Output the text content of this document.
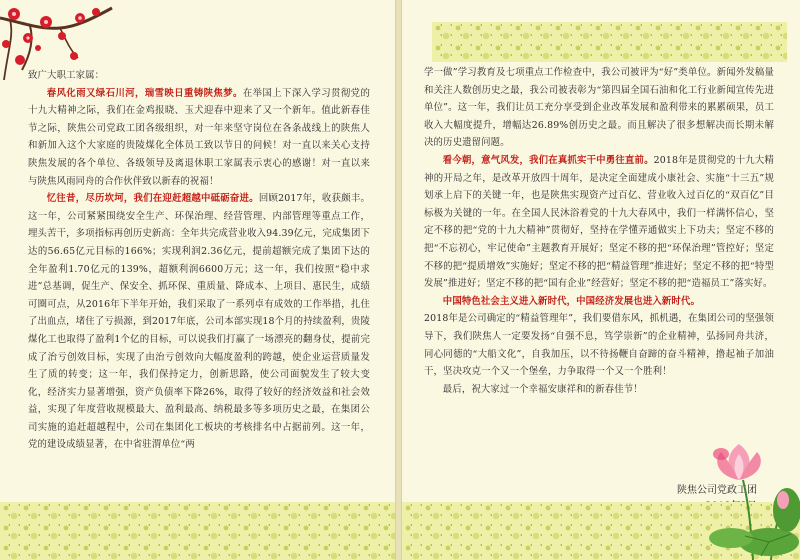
致广大职工家属：

春风化雨又绿石川河，瑞雪映日重铸陕焦梦。在举国上下深入学习贯彻党的十九大精神之际，我们在金鸡报晓、玉犬迎春中迎来了又一个新年。值此新春佳节之际，陕焦公司党政工团各级组织，对一年来坚守岗位在各条战线上的陕焦人和新加入这个大家庭的贵陵煤化全体员工致以节日的问候！对一直以来关心支持陕焦发展的各个单位、各级领导及离退休职工家属表示衷心的感谢！对一直以来与陕焦风雨同舟的合作伙伴致以新春的祝福！

忆往昔，尽历坎坷，我们在迎赶超越中砥砺奋进。回顾2017年，收获颇丰。这一年，公司紧紧围绕安全生产、环保治理、经营管理、内部管理等重点工作，埋头苦干，多项指标再创历史新高：全年共完成营业收入94.39亿元，完成集团下达的56.65亿元目标的166%；实现利润2.36亿元，提前超额完成了集团下达的全年盈利1.70亿元的139%，超额利润6600万元；这一年，我们按照“稳中求进”总基调，促生产、保安全、抓环保、重质量、降成本、上项目、惠民生，成绩可圈可点，从2016年下半年开始，我们采取了一系列卓有成效的工作举措，扎住了出血点，堵住了亏损源，到2017年底，公司本部实现18个月的持续盈利，贵陵煤化工也取得了盈利1个亿的目标，可以说我们打赢了一场漂亮的翻身仗，提前完成了治亏创效目标，实现了由治亏创效向大幅度盈利的跨越，使企业运营质量发生了质的转变；这一年，我们保持定力，创新思路，使公司面貌发生了较大变化，经济实力显著增强，资产负债率下降26%，取得了较好的经济效益和社会效益，实现了年度营收规模最大、盈利最高、纳税最多等多项历史之最，在集团公司实施的追赶超越程中，公司在集团化工板块的考核排名中占据前列。这一年，党的建设成绩显著，在中省驻渭单位“两

学一做”学习教育及七项重点工作检查中，我公司被评为“好”类单位。新闻外发稿量和关注人数创历史之最，我公司被表彰为“第四届全国石油和化工行业新闻宣传先进单位”。这一年，我们让员工充分享受到企业改革发展和盈利带来的累累硕果，员工收入大幅度提升，增幅达26.89%创历史之最。而且解决了很多想解决而长期未解决的历史遗留问题。

看今朝，意气风发，我们在真抓实干中勇往直前。2018年是贯彻党的十九大精神的开局之年，是改革开放四十周年，是决定全面建成小康社会、实施“十三五”规划承上启下的关键一年，也是陕焦实现资产过百亿、营业收入过百亿的“双百亿”目标极为关键的一年。在全国人民沐浴着党的十九大春风中，我们一样满怀信心，坚定不移的把“党的十九大精神”贯彻好，坚持在学懂弄通做实上下功夫；坚定不移的把“不忘初心，牢记使命”主题教育开展好；坚定不移的把“环保治理”管控好；坚定不移的把“提质增效”实施好；坚定不移的把“精益管理”推进好；坚定不移的把“特型发展”推进好；坚定不移的把“国有企业”经营好；坚定不移的把“造福员工”落实好。

中国特色社会主义进入新时代，中国经济发展也进入新时代。

2018年是公司确定的“精益管理年”，我们要借东风，抓机遇，在集团公司的坚强领导下，我们陕焦人一定要发扬“自强不息，笃学崇新”的企业精神，弘扬同舟共济，同心同德的“大船文化”，自我加压，以不待扬鞭自奋蹄的奋斗精神，撸起袖子加油干，坚决攻克一个又一个堡垒，力争取得一个又一个胜利！

最后，祝大家过一个幸福安康祥和的新春佳节！

陕焦公司党政工团
